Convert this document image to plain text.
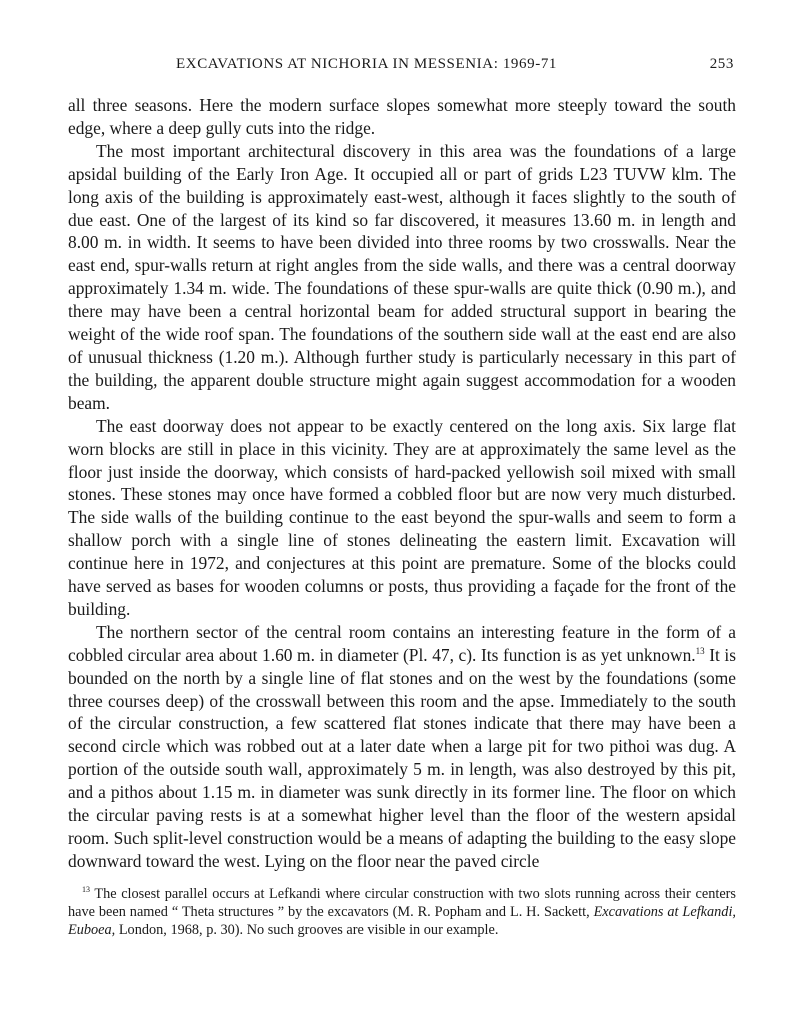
EXCAVATIONS AT NICHORIA IN MESSENIA: 1969-71	253

all three seasons. Here the modern surface slopes somewhat more steeply toward the south edge, where a deep gully cuts into the ridge.

The most important architectural discovery in this area was the foundations of a large apsidal building of the Early Iron Age. It occupied all or part of grids L23 TUVW klm. The long axis of the building is approximately east-west, although it faces slightly to the south of due east. One of the largest of its kind so far discovered, it measures 13.60 m. in length and 8.00 m. in width. It seems to have been divided into three rooms by two crosswalls. Near the east end, spur-walls return at right angles from the side walls, and there was a central doorway approximately 1.34 m. wide. The foundations of these spur-walls are quite thick (0.90 m.), and there may have been a central horizontal beam for added structural support in bearing the weight of the wide roof span. The foundations of the southern side wall at the east end are also of unusual thickness (1.20 m.). Although further study is particularly necessary in this part of the building, the apparent double structure might again suggest accommodation for a wooden beam.

The east doorway does not appear to be exactly centered on the long axis. Six large flat worn blocks are still in place in this vicinity. They are at approximately the same level as the floor just inside the doorway, which consists of hard-packed yellowish soil mixed with small stones. These stones may once have formed a cobbled floor but are now very much disturbed. The side walls of the building continue to the east beyond the spur-walls and seem to form a shallow porch with a single line of stones delineating the eastern limit. Excavation will continue here in 1972, and conjectures at this point are premature. Some of the blocks could have served as bases for wooden columns or posts, thus providing a façade for the front of the building.

The northern sector of the central room contains an interesting feature in the form of a cobbled circular area about 1.60 m. in diameter (Pl. 47, c). Its function is as yet unknown.$^{13}$ It is bounded on the north by a single line of flat stones and on the west by the foundations (some three courses deep) of the crosswall between this room and the apse. Immediately to the south of the circular construction, a few scattered flat stones indicate that there may have been a second circle which was robbed out at a later date when a large pit for two pithoi was dug. A portion of the outside south wall, approximately 5 m. in length, was also destroyed by this pit, and a pithos about 1.15 m. in diameter was sunk directly in its former line. The floor on which the circular paving rests is at a somewhat higher level than the floor of the western apsidal room. Such split-level construction would be a means of adapting the building to the easy slope downward toward the west. Lying on the floor near the paved circle

$^{13}$ The closest parallel occurs at Lefkandi where circular construction with two slots running across their centers have been named “ Theta structures ” by the excavators (M. R. Popham and L. H. Sackett, Excavations at Lefkandi, Euboea, London, 1968, p. 30). No such grooves are visible in our example.
